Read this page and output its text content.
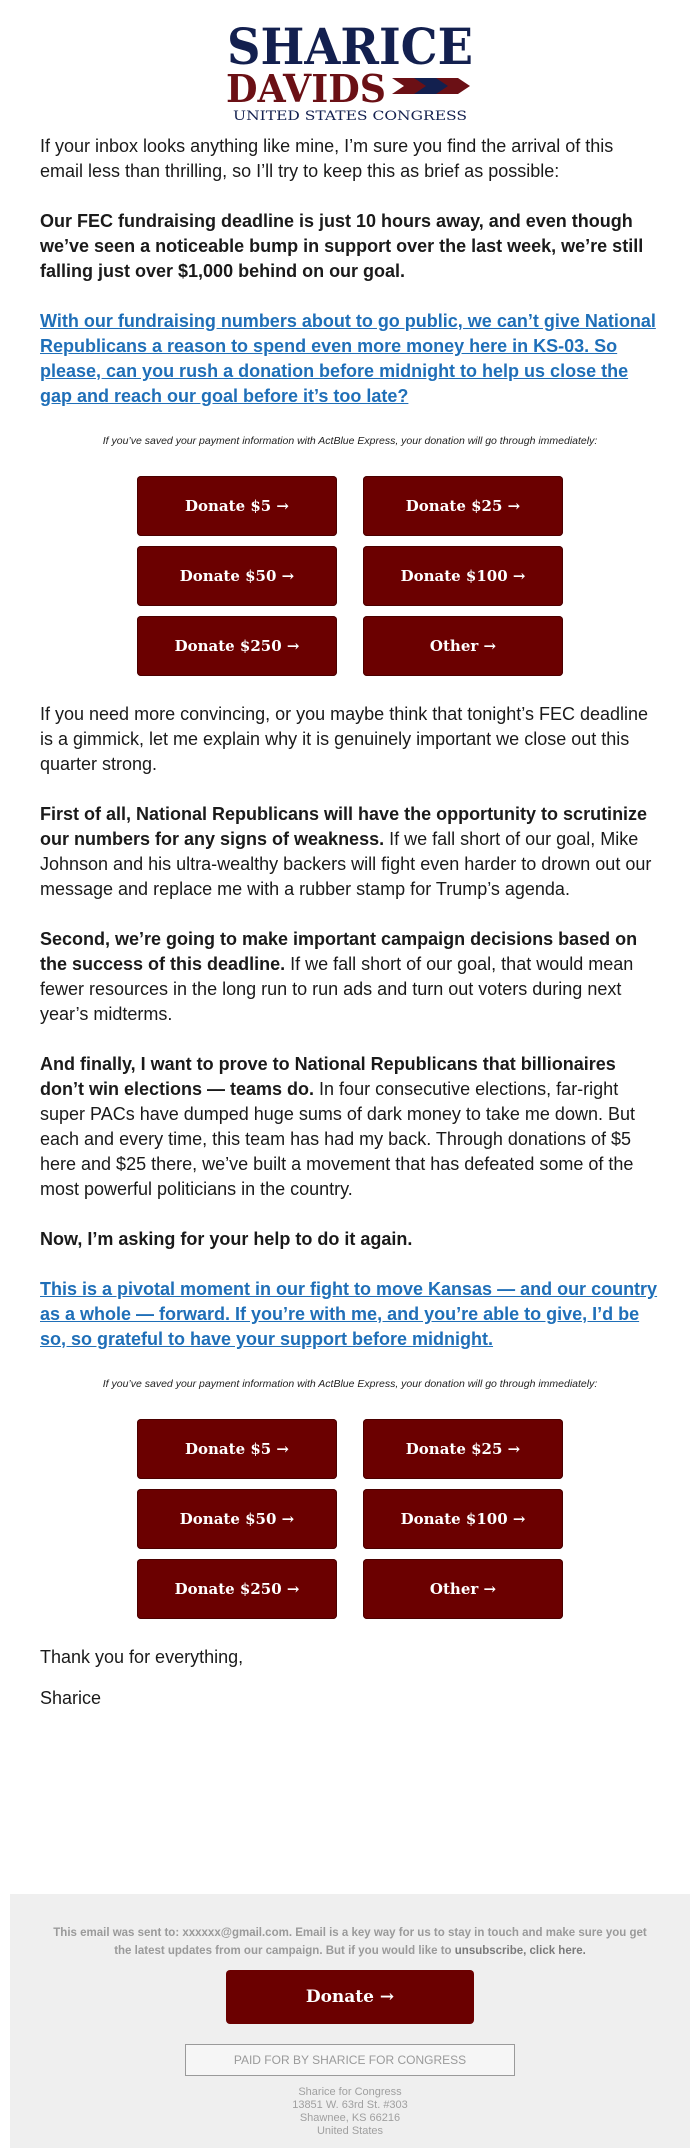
SHARICE
DAVIDS
UNITED STATES CONGRESS

If your inbox looks anything like mine, I’m sure you find the arrival of this email less than thrilling, so I’ll try to keep this as brief as possible:

Our FEC fundraising deadline is just 10 hours away, and even though we’ve seen a noticeable bump in support over the last week, we’re still falling just over $1,000 behind on our goal.

With our fundraising numbers about to go public, we can’t give National Republicans a reason to spend even more money here in KS-03. So please, can you rush a donation before midnight to help us close the gap and reach our goal before it’s too late?

If you’ve saved your payment information with ActBlue Express, your donation will go through immediately:
Donate $5 →	Donate $25 →
Donate $50 →	Donate $100 →
Donate $250 →	Other →

If you need more convincing, or you maybe think that tonight’s FEC deadline is a gimmick, let me explain why it is genuinely important we close out this quarter strong.

First of all, National Republicans will have the opportunity to scrutinize our numbers for any signs of weakness. If we fall short of our goal, Mike Johnson and his ultra-wealthy backers will fight even harder to drown out our message and replace me with a rubber stamp for Trump’s agenda.

Second, we’re going to make important campaign decisions based on the success of this deadline. If we fall short of our goal, that would mean fewer resources in the long run to run ads and turn out voters during next year’s midterms.

And finally, I want to prove to National Republicans that billionaires don’t win elections — teams do. In four consecutive elections, far-right super PACs have dumped huge sums of dark money to take me down. But each and every time, this team has had my back. Through donations of $5 here and $25 there, we’ve built a movement that has defeated some of the most powerful politicians in the country.

Now, I’m asking for your help to do it again.

This is a pivotal moment in our fight to move Kansas — and our country as a whole — forward. If you’re with me, and you’re able to give, I’d be so, so grateful to have your support before midnight.

If you’ve saved your payment information with ActBlue Express, your donation will go through immediately:
Donate $5 →	Donate $25 →
Donate $50 →	Donate $100 →
Donate $250 →	Other →

Thank you for everything,

Sharice

This email was sent to: xxxxxx@gmail.com. Email is a key way for us to stay in touch and make sure you get the latest updates from our campaign. But if you would like to unsubscribe, click here.
Donate →
PAID FOR BY SHARICE FOR CONGRESS
Sharice for Congress
13851 W. 63rd St. #303
Shawnee, KS 66216
United States
